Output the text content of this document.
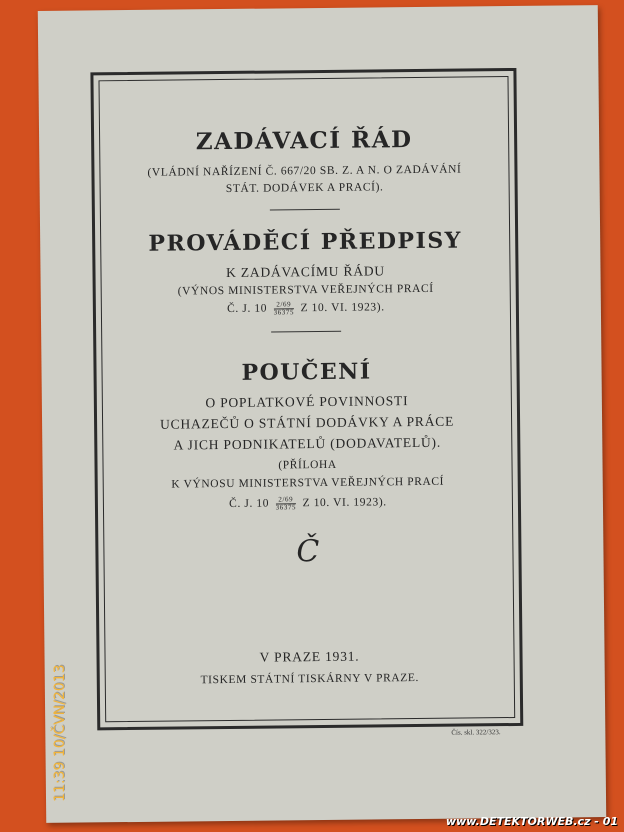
ZADÁVACÍ ŘÁD
(VLÁDNÍ NAŘÍZENÍ Č. 667/20 SB. Z. A N. O ZADÁVÁNÍ
STÁT. DODÁVEK A PRACÍ).
PROVÁDĚCÍ PŘEDPISY
K ZADÁVACÍMU ŘÁDU
(VÝNOS MINISTERSTVA VEŘEJNÝCH PRACÍ
Č. J. $10 \frac{2/69}{36375}$ Z 10. VI. 1923).
POUČENÍ
O POPLATKOVÉ POVINNOSTI
UCHAZEČŮ O STÁTNÍ DODÁVKY A PRÁCE
A JICH PODNIKATELŮ (DODAVATELŮ).
(PŘÍLOHA
K VÝNOSU MINISTERSTVA VEŘEJNÝCH PRACÍ
Č. J. $10 \frac{2/69}{36375}$ Z 10. VI. 1923).
Č
V PRAZE 1931.
TISKEM STÁTNÍ TISKÁRNY V PRAZE.
Čís. skl. 322/323.
11:39 10/ČVN/2013
www.DETEKTORWEB.cz - 01
